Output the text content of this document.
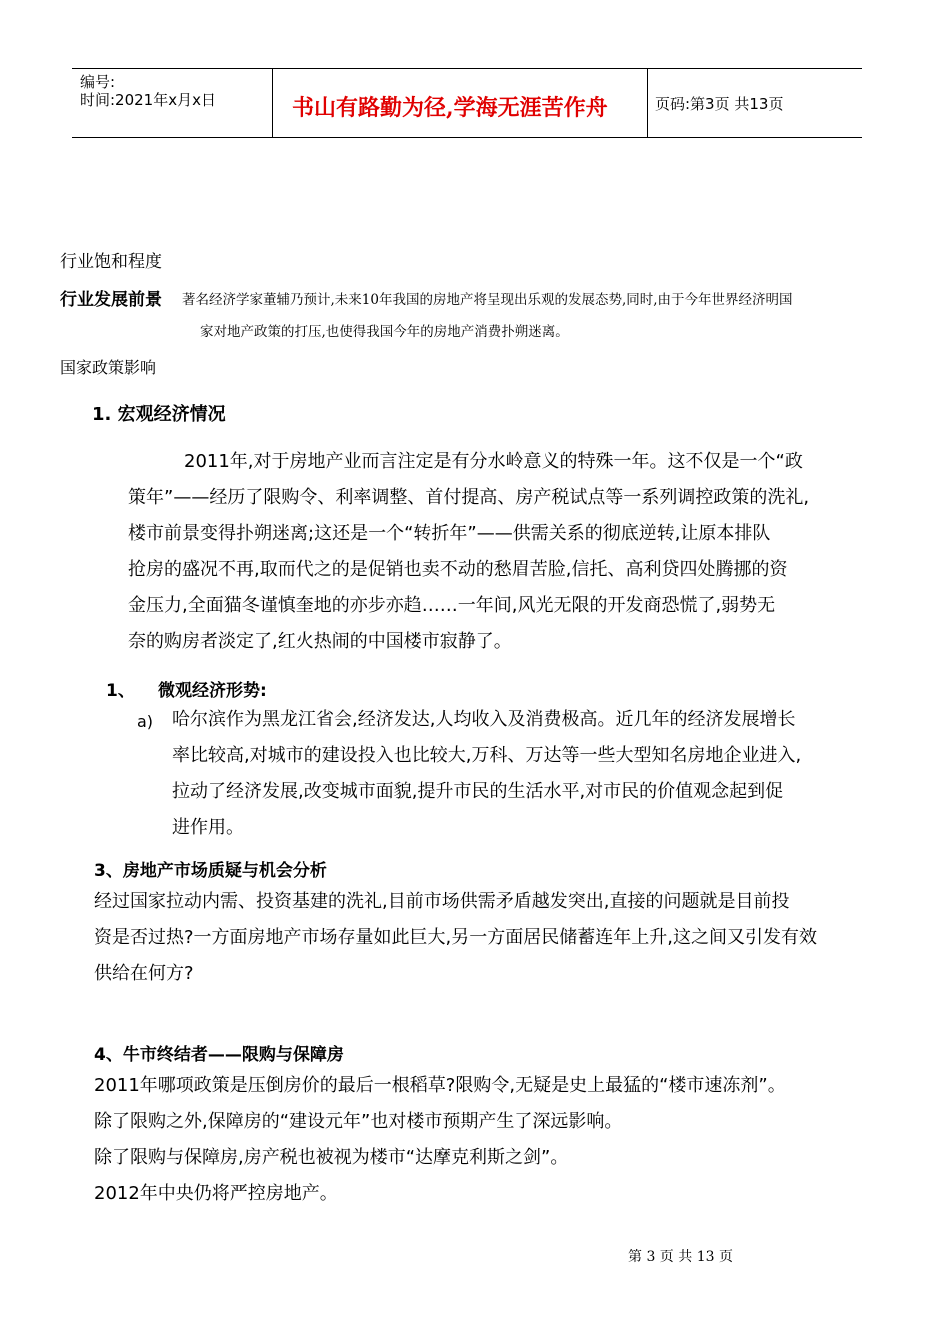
编号:
时间:2021年x月x日	书山有路勤为径,学海无涯苦作舟	页码:第3页 共13页
行业饱和程度
行业发展前景 著名经济学家董辅乃预计,未来10年我国的房地产将呈现出乐观的发展态势,同时,由于今年世界经济明国
家对地产政策的打压,也使得我国今年的房地产消费扑朔迷离。
国家政策影响
1. 宏观经济情况
2011年,对于房地产业而言注定是有分水岭意义的特殊一年。这不仅是一个“政
策年”——经历了限购令、利率调整、首付提高、房产税试点等一系列调控政策的洗礼,
楼市前景变得扑朔迷离;这还是一个“转折年”——供需关系的彻底逆转,让原本排队
抢房的盛况不再,取而代之的是促销也卖不动的愁眉苦脸,信托、高利贷四处腾挪的资
金压力,全面猫冬谨慎奎地的亦步亦趋……一年间,风光无限的开发商恐慌了,弱势无
奈的购房者淡定了,红火热闹的中国楼市寂静了。
1、 微观经济形势:
a) 哈尔滨作为黑龙江省会,经济发达,人均收入及消费极高。近几年的经济发展增长
率比较高,对城市的建设投入也比较大,万科、万达等一些大型知名房地企业进入,
拉动了经济发展,改变城市面貌,提升市民的生活水平,对市民的价值观念起到促
进作用。
3、房地产市场质疑与机会分析
经过国家拉动内需、投资基建的洗礼,目前市场供需矛盾越发突出,直接的问题就是目前投
资是否过热?一方面房地产市场存量如此巨大,另一方面居民储蓄连年上升,这之间又引发有效
供给在何方?
4、牛市终结者——限购与保障房
2011年哪项政策是压倒房价的最后一根稻草?限购令,无疑是史上最猛的“楼市速冻剂”。
除了限购之外,保障房的“建设元年”也对楼市预期产生了深远影响。
除了限购与保障房,房产税也被视为楼市“达摩克利斯之剑”。
2012年中央仍将严控房地产。
第 3 页 共 13 页
